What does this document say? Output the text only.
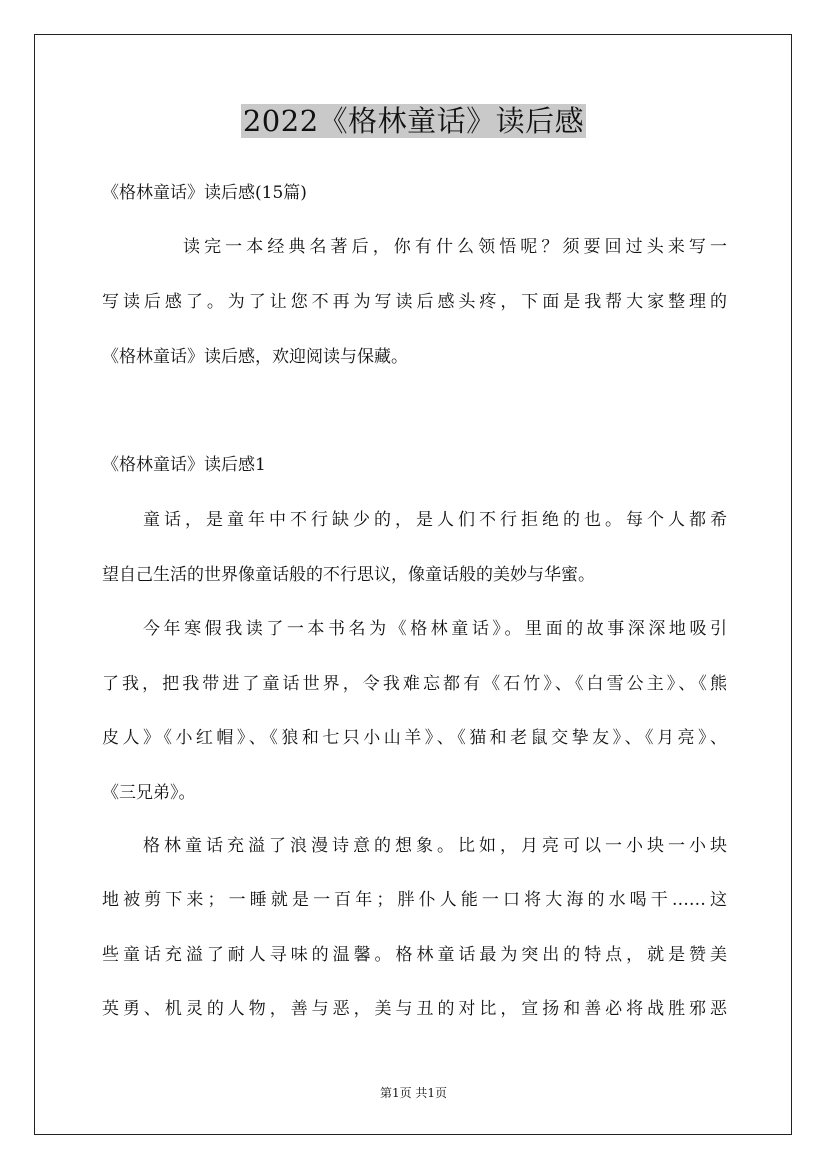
2022《格林童话》读后感

《格林童话》读后感(15篇)

读完一本经典名著后，你有什么领悟呢？须要回过头来写一

写读后感了。为了让您不再为写读后感头疼，下面是我帮大家整理的

《格林童话》读后感，欢迎阅读与保藏。

《格林童话》读后感1

童话，是童年中不行缺少的，是人们不行拒绝的也。每个人都希

望自己生活的世界像童话般的不行思议，像童话般的美妙与华蜜。

今年寒假我读了一本书名为《格林童话》。里面的故事深深地吸引

了我，把我带进了童话世界，令我难忘都有《石竹》、《白雪公主》、《熊

皮人》《小红帽》、《狼和七只小山羊》、《猫和老鼠交挚友》、《月亮》、

《三兄弟》。

格林童话充溢了浪漫诗意的想象。比如，月亮可以一小块一小块

地被剪下来；一睡就是一百年；胖仆人能一口将大海的水喝干……这

些童话充溢了耐人寻味的温馨。格林童话最为突出的特点，就是赞美

英勇、机灵的人物，善与恶，美与丑的对比，宣扬和善必将战胜邪恶

第1页 共1页
